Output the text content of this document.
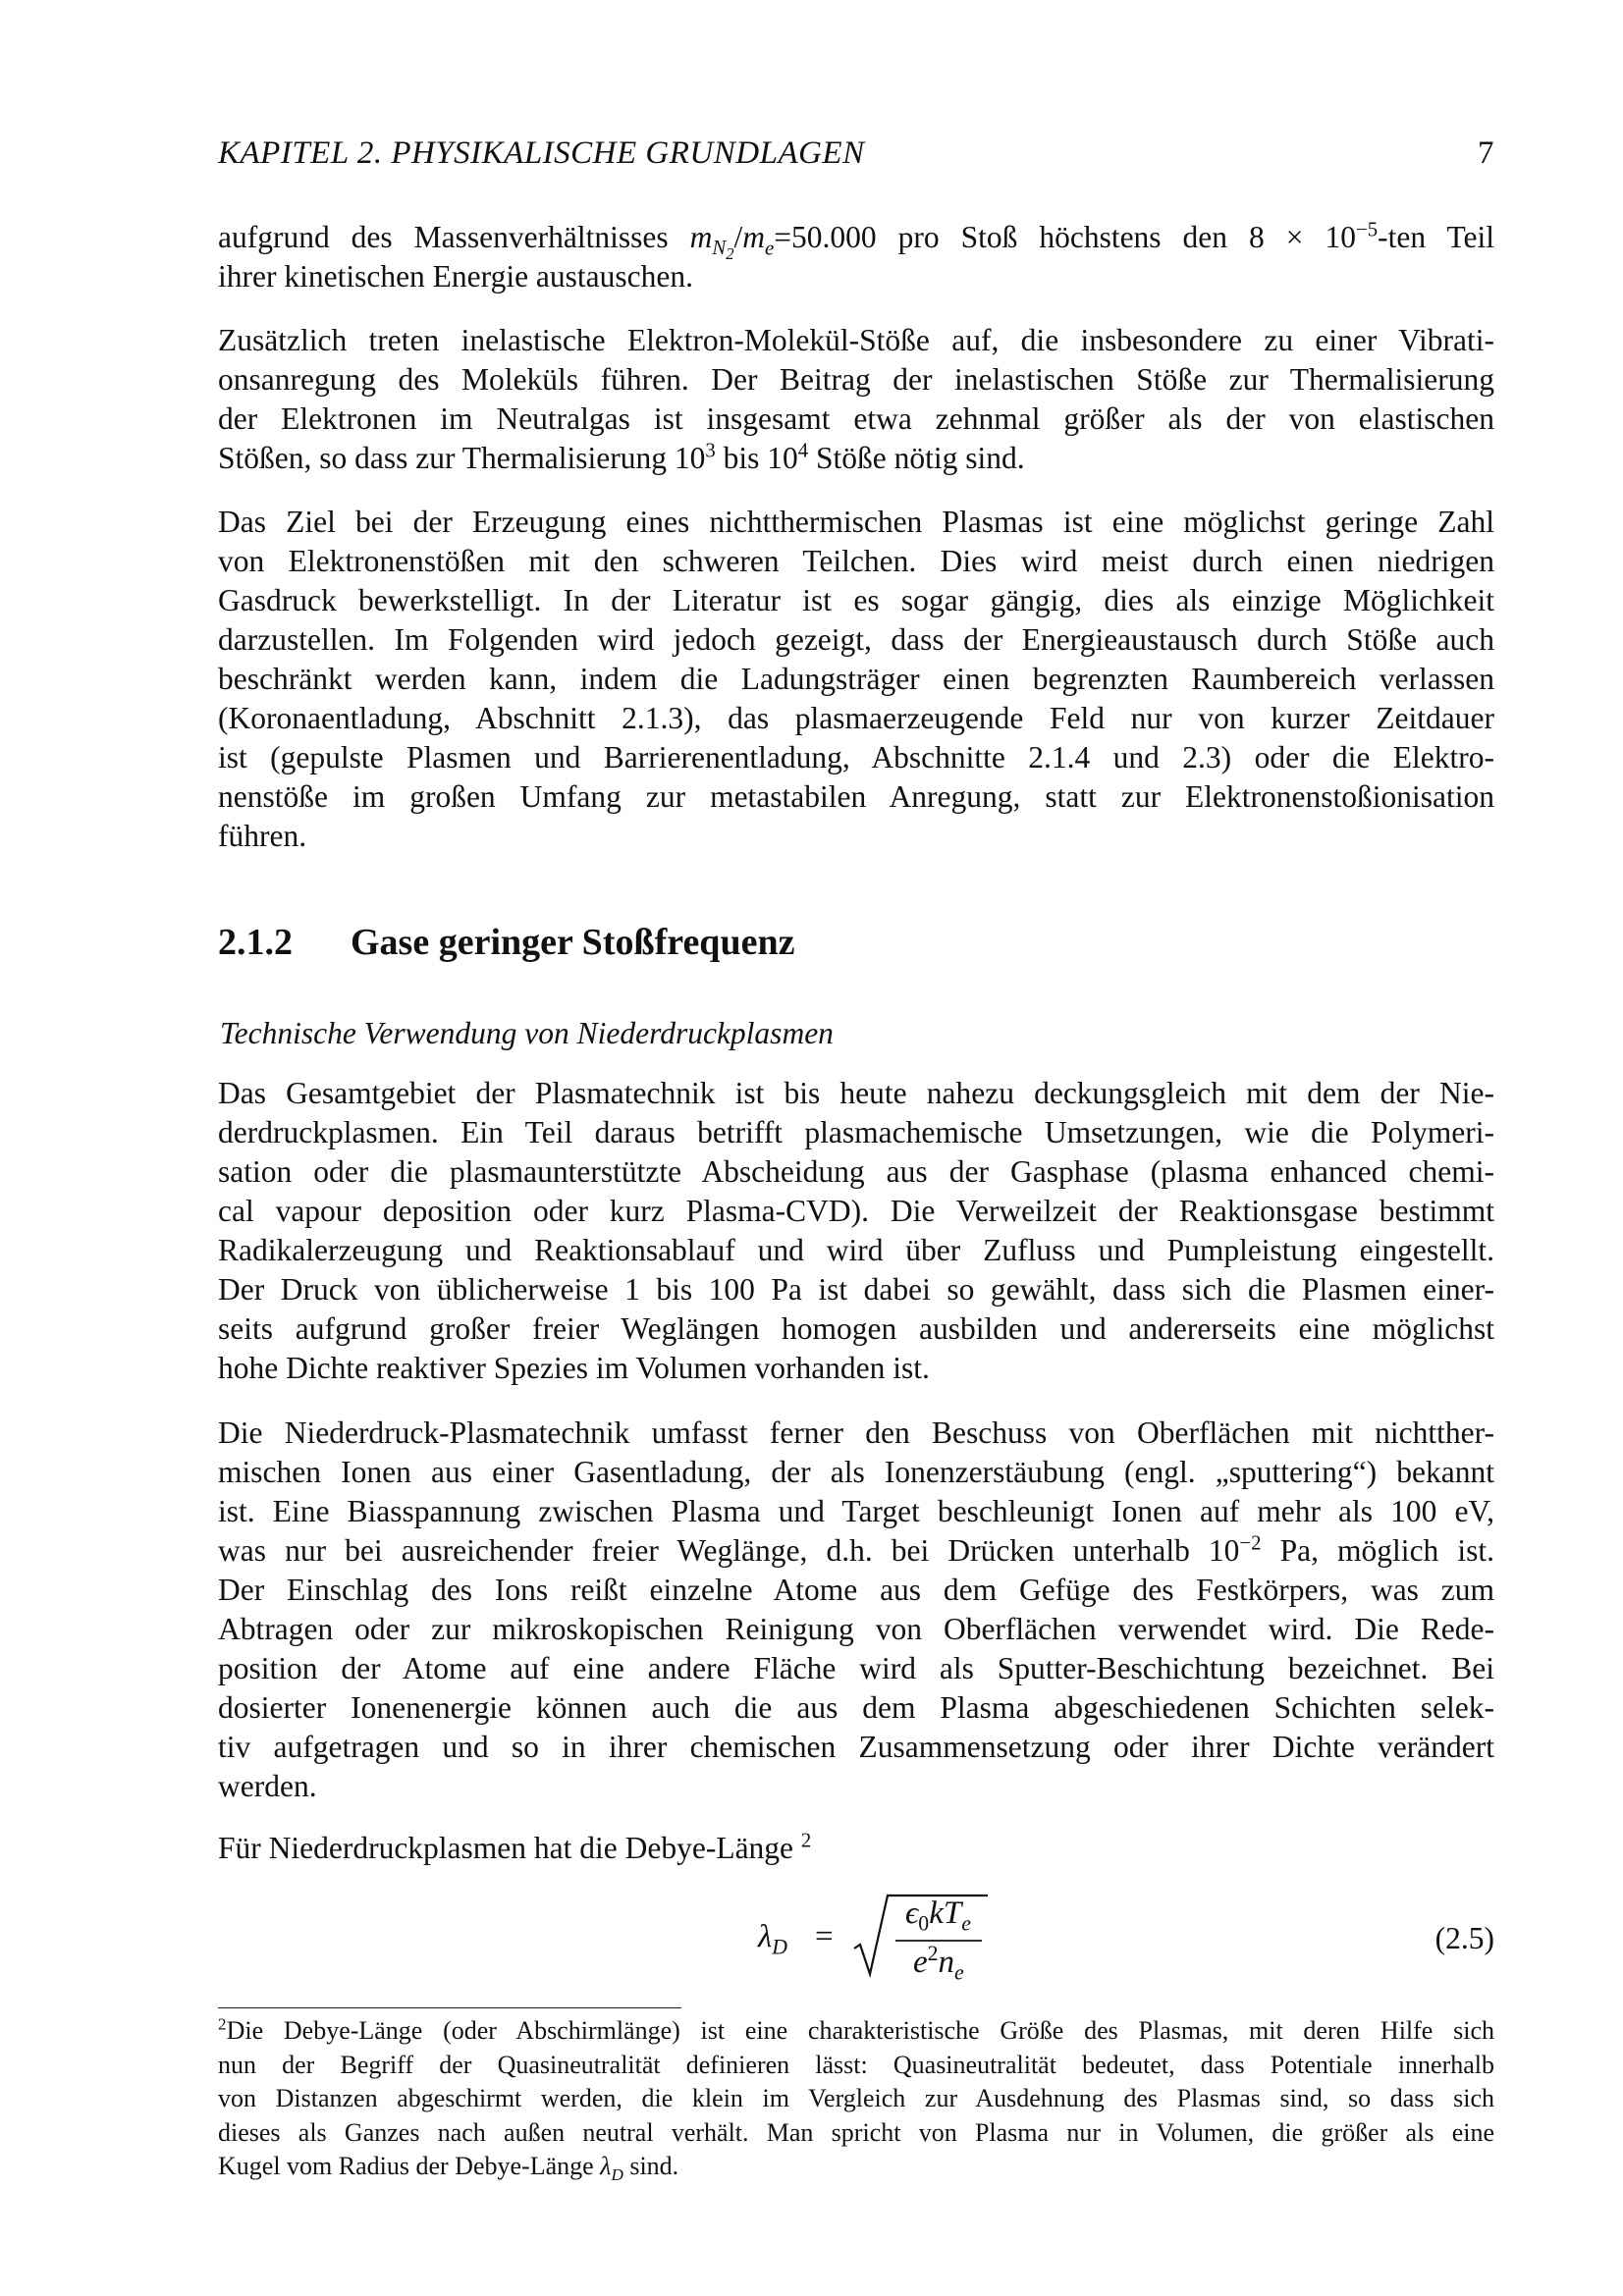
KAPITEL 2. PHYSIKALISCHE GRUNDLAGEN	7
aufgrund des Massenverhältnisses $m_{N_2}/m_e=50.000$ pro Stoß höchstens den $8 \times 10^{-5}$-ten Teil
ihrer kinetischen Energie austauschen.
Zusätzlich treten inelastische Elektron-Molekül-Stöße auf, die insbesondere zu einer Vibrati-
onsanregung des Moleküls führen. Der Beitrag der inelastischen Stöße zur Thermalisierung
der Elektronen im Neutralgas ist insgesamt etwa zehnmal größer als der von elastischen
Stößen, so dass zur Thermalisierung $10^3$ bis $10^4$ Stöße nötig sind.
Das Ziel bei der Erzeugung eines nichtthermischen Plasmas ist eine möglichst geringe Zahl
von Elektronenstößen mit den schweren Teilchen. Dies wird meist durch einen niedrigen
Gasdruck bewerkstelligt. In der Literatur ist es sogar gängig, dies als einzige Möglichkeit
darzustellen. Im Folgenden wird jedoch gezeigt, dass der Energieaustausch durch Stöße auch
beschränkt werden kann, indem die Ladungsträger einen begrenzten Raumbereich verlassen
(Koronaentladung, Abschnitt 2.1.3), das plasmaerzeugende Feld nur von kurzer Zeitdauer
ist (gepulste Plasmen und Barrierenentladung, Abschnitte 2.1.4 und 2.3) oder die Elektro-
nenstöße im großen Umfang zur metastabilen Anregung, statt zur Elektronenstoßionisation
führen.
2.1.2 Gase geringer Stoßfrequenz
Technische Verwendung von Niederdruckplasmen
Das Gesamtgebiet der Plasmatechnik ist bis heute nahezu deckungsgleich mit dem der Nie-
derdruckplasmen. Ein Teil daraus betrifft plasmachemische Umsetzungen, wie die Polymeri-
sation oder die plasmaunterstützte Abscheidung aus der Gasphase (plasma enhanced chemi-
cal vapour deposition oder kurz Plasma-CVD). Die Verweilzeit der Reaktionsgase bestimmt
Radikalerzeugung und Reaktionsablauf und wird über Zufluss und Pumpleistung eingestellt.
Der Druck von üblicherweise 1 bis 100 Pa ist dabei so gewählt, dass sich die Plasmen einer-
seits aufgrund großer freier Weglängen homogen ausbilden und andererseits eine möglichst
hohe Dichte reaktiver Spezies im Volumen vorhanden ist.
Die Niederdruck-Plasmatechnik umfasst ferner den Beschuss von Oberflächen mit nichtther-
mischen Ionen aus einer Gasentladung, der als Ionenzerstäubung (engl. „sputtering“) bekannt
ist. Eine Biasspannung zwischen Plasma und Target beschleunigt Ionen auf mehr als 100 eV,
was nur bei ausreichender freier Weglänge, d.h. bei Drücken unterhalb $10^{-2}$ Pa, möglich ist.
Der Einschlag des Ions reißt einzelne Atome aus dem Gefüge des Festkörpers, was zum
Abtragen oder zur mikroskopischen Reinigung von Oberflächen verwendet wird. Die Rede-
position der Atome auf eine andere Fläche wird als Sputter-Beschichtung bezeichnet. Bei
dosierter Ionenenergie können auch die aus dem Plasma abgeschiedenen Schichten selek-
tiv aufgetragen und so in ihrer chemischen Zusammensetzung oder ihrer Dichte verändert
werden.
Für Niederdruckplasmen hat die Debye-Länge $^2$
$\lambda_D$ =
$\epsilon_0kT_e$
$e^2n_e$
(2.5)
$^2$Die Debye-Länge (oder Abschirmlänge) ist eine charakteristische Größe des Plasmas, mit deren Hilfe sich
nun der Begriff der Quasineutralität definieren lässt: Quasineutralität bedeutet, dass Potentiale innerhalb
von Distanzen abgeschirmt werden, die klein im Vergleich zur Ausdehnung des Plasmas sind, so dass sich
dieses als Ganzes nach außen neutral verhält. Man spricht von Plasma nur in Volumen, die größer als eine
Kugel vom Radius der Debye-Länge $\lambda_D$ sind.
